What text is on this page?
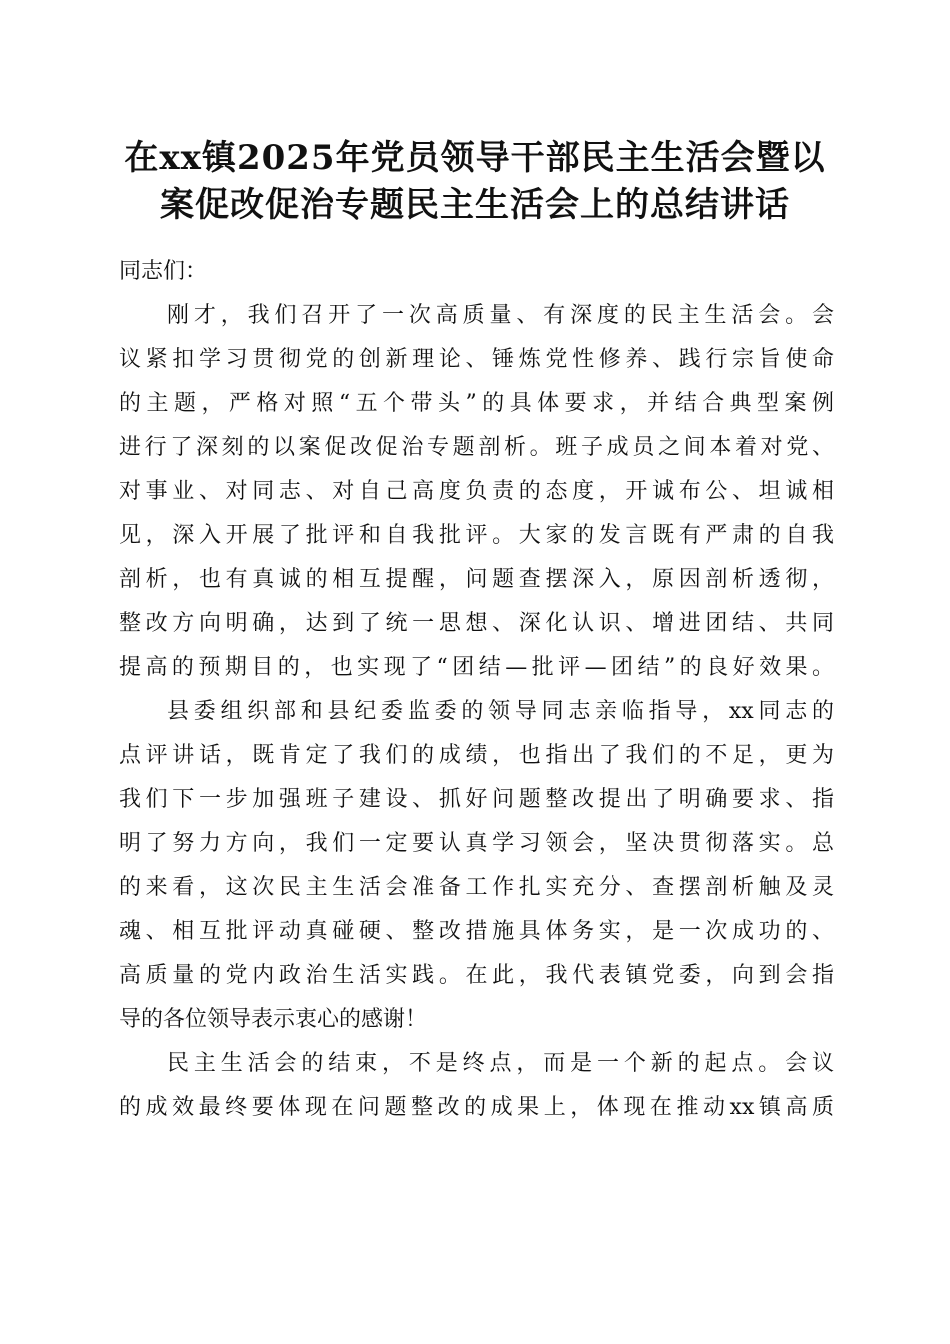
在xx镇2025年党员领导干部民主生活会暨以
案促改促治专题民主生活会上的总结讲话
同志们：
刚才，我们召开了一次高质量、有深度的民主生活会。会
议紧扣学习贯彻党的创新理论、锤炼党性修养、践行宗旨使命
的主题，严格对照“五个带头”的具体要求，并结合典型案例
进行了深刻的以案促改促治专题剖析。班子成员之间本着对党、
对事业、对同志、对自己高度负责的态度，开诚布公、坦诚相
见，深入开展了批评和自我批评。大家的发言既有严肃的自我
剖析，也有真诚的相互提醒，问题查摆深入，原因剖析透彻，
整改方向明确，达到了统一思想、深化认识、增进团结、共同
提高的预期目的，也实现了“团结—批评—团结”的良好效果。
县委组织部和县纪委监委的领导同志亲临指导，xx同志的
点评讲话，既肯定了我们的成绩，也指出了我们的不足，更为
我们下一步加强班子建设、抓好问题整改提出了明确要求、指
明了努力方向，我们一定要认真学习领会，坚决贯彻落实。总
的来看，这次民主生活会准备工作扎实充分、查摆剖析触及灵
魂、相互批评动真碰硬、整改措施具体务实，是一次成功的、
高质量的党内政治生活实践。在此，我代表镇党委，向到会指
导的各位领导表示衷心的感谢！
民主生活会的结束，不是终点，而是一个新的起点。会议
的成效最终要体现在问题整改的成果上，体现在推动xx镇高质
